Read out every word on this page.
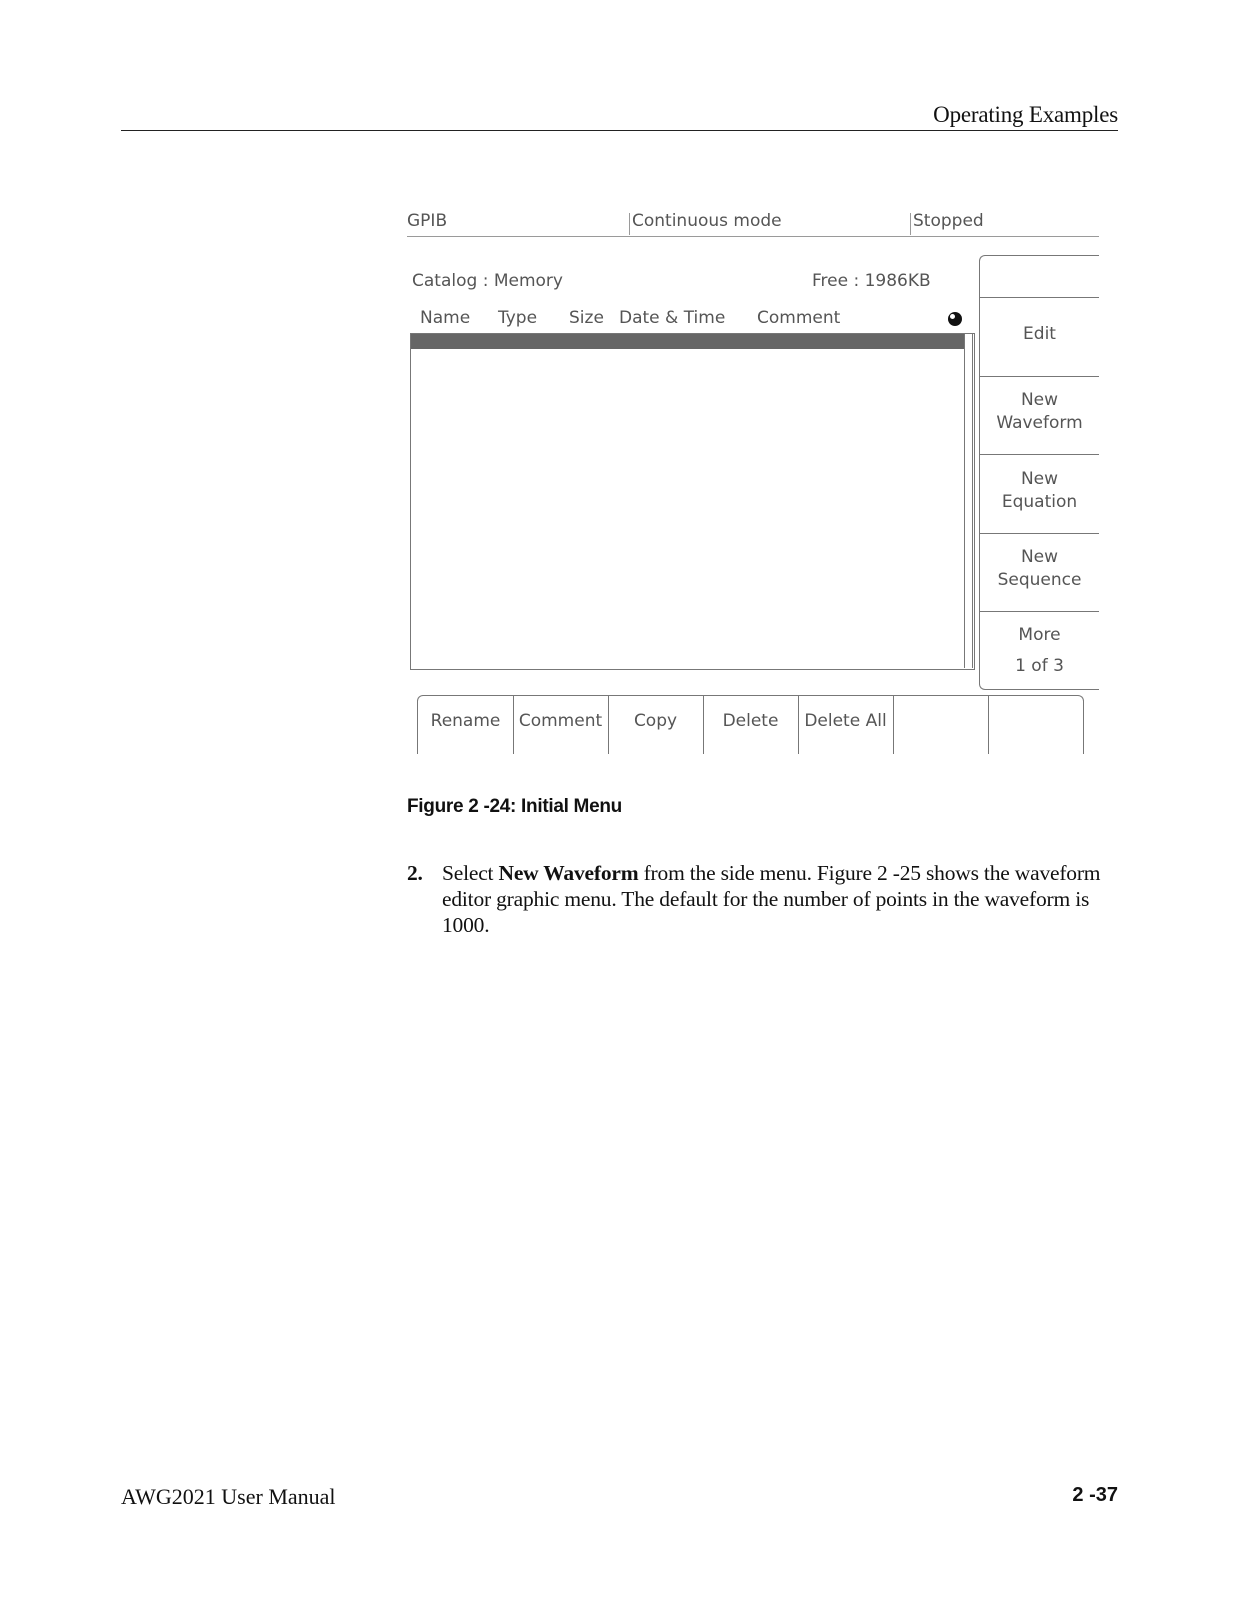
Operating Examples
GPIB	Continuous mode	Stopped
Catalog : Memory	Free : 1986KB
Name Type Size Date & Time Comment
Edit
New
Waveform
New
Equation
New
Sequence
More
1 of 3
Rename	Comment	Copy	Delete	Delete All
Figure 2 -24: Initial Menu
2. Select New Waveform from the side menu. Figure 2 -25 shows the waveform editor graphic menu. The default for the number of points in the waveform is 1000.
AWG2021 User Manual	2 -37
